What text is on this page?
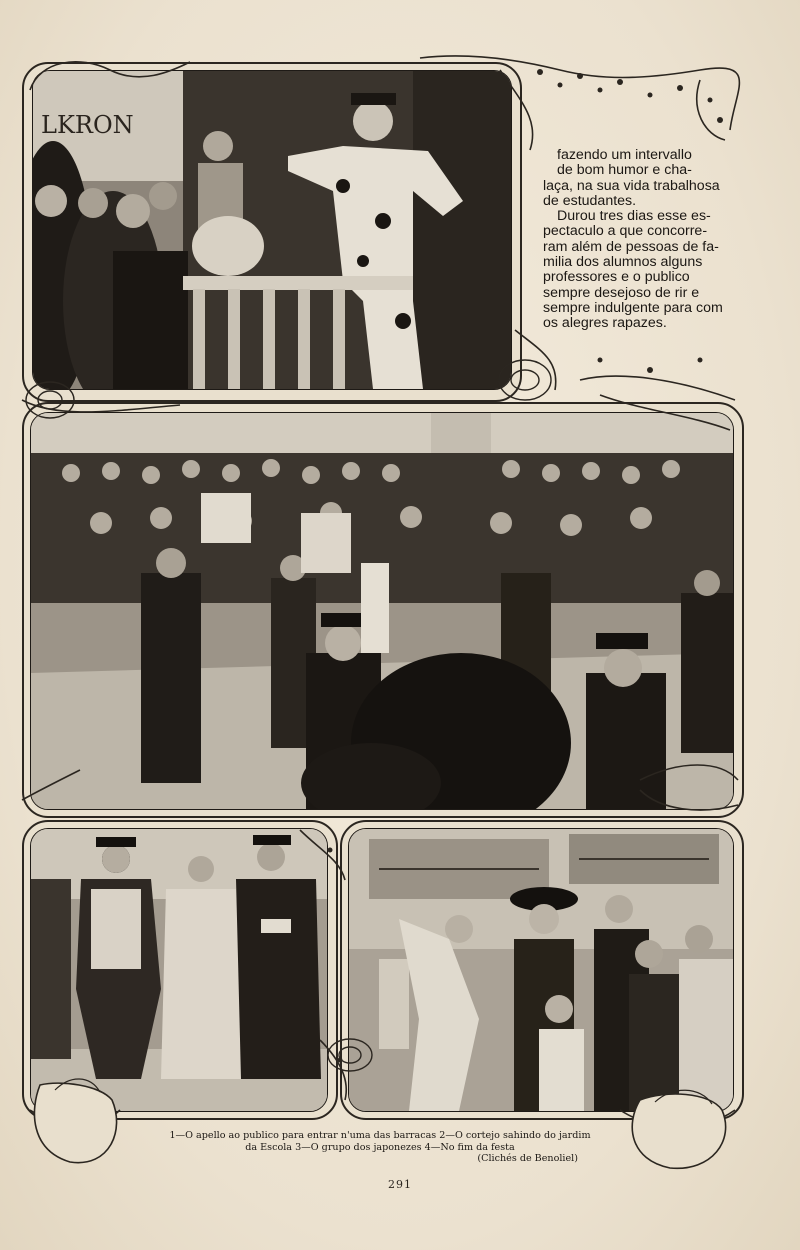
LKRON

fazendo um intervallo

de bom humor e cha-

laça, na sua vida trabalhosa

de estudantes.

Durou tres dias esse es-

pectaculo a que concorre-

ram além de pessoas de fa-

milia dos alumnos alguns

professores e o publico

sempre desejoso de rir e

sempre indulgente para com

os alegres rapazes.

1—O apello ao publico para entrar n'uma das barracas 2—O cortejo sahindo do jardim
da Escola 3—O grupo dos japonezes 4—No fim da festa
(Clichés de Benoliel)
291
